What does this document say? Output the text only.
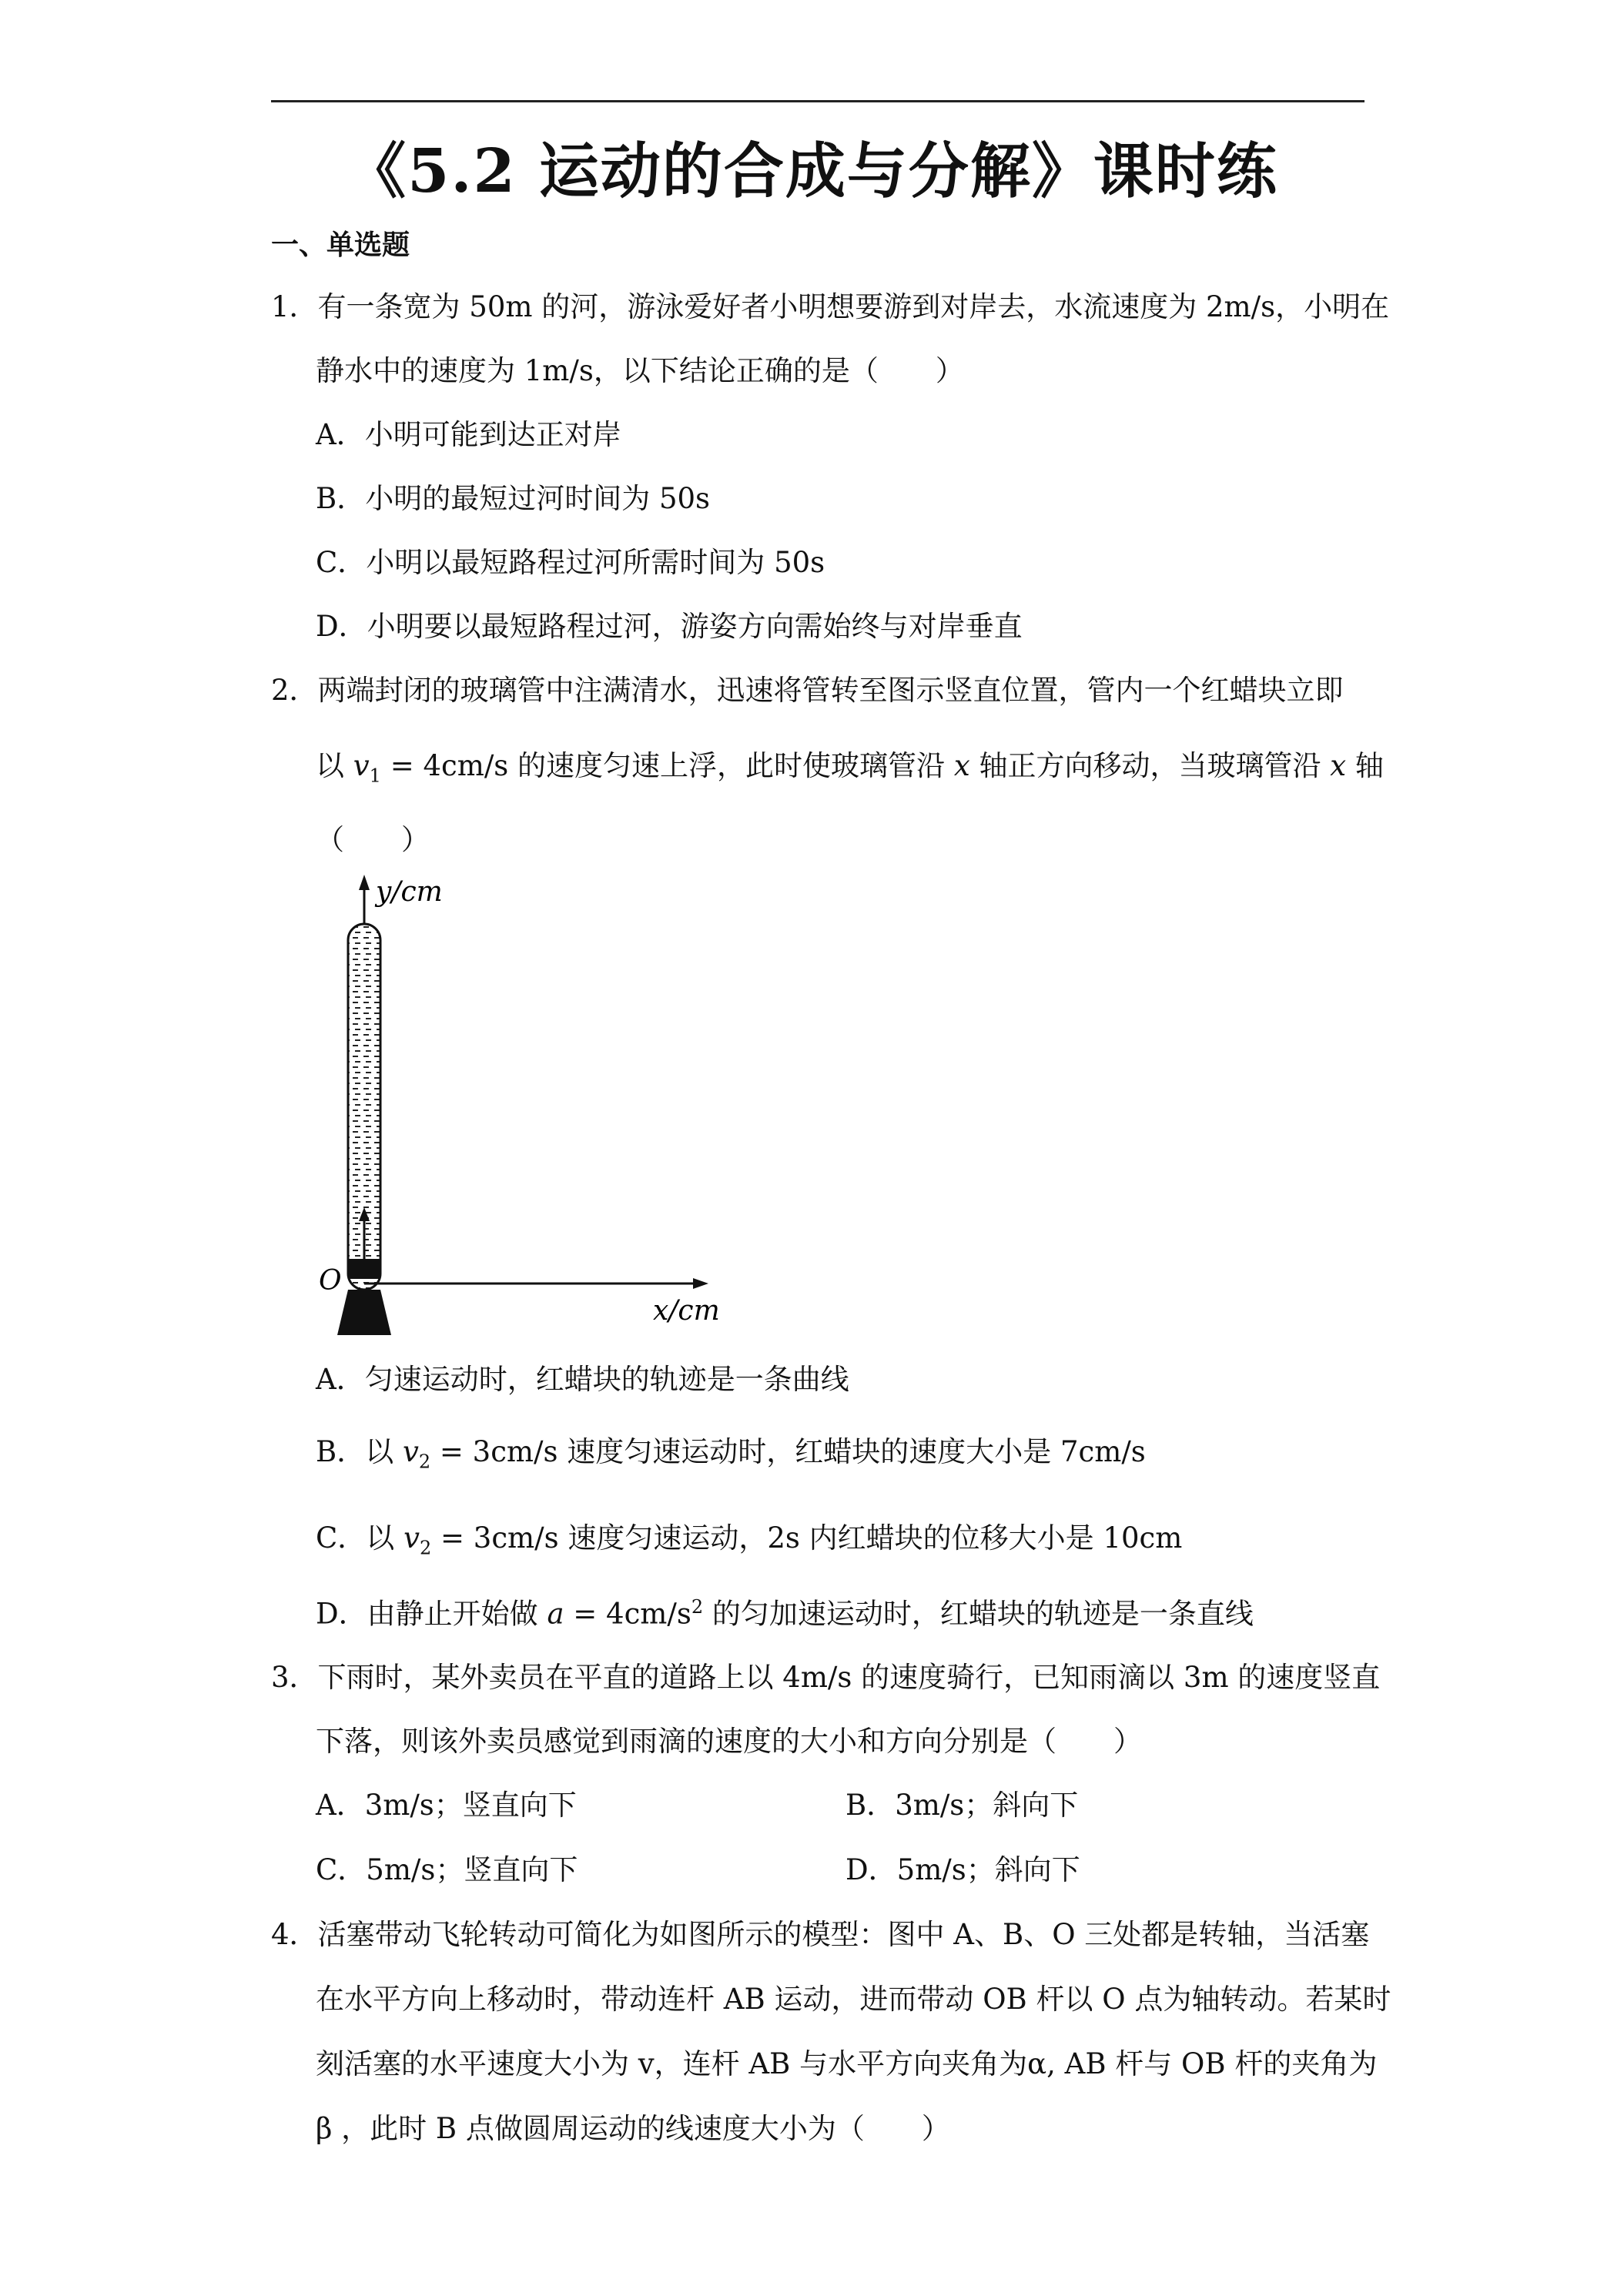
《5.2 运动的合成与分解》课时练
一、单选题
1．有一条宽为 50m 的河，游泳爱好者小明想要游到对岸去，水流速度为 2m/s，小明在
静水中的速度为 1m/s，以下结论正确的是（　　）
A．小明可能到达正对岸
B．小明的最短过河时间为 50s
C．小明以最短路程过河所需时间为 50s
D．小明要以最短路程过河，游姿方向需始终与对岸垂直
2．两端封闭的玻璃管中注满清水，迅速将管转至图示竖直位置，管内一个红蜡块立即
以 $v_1 = 4cm/s$ 的速度匀速上浮，此时使玻璃管沿 x 轴正方向移动，当玻璃管沿 x 轴
（　　）
y/cm
x/cm
O
A．匀速运动时，红蜡块的轨迹是一条曲线
B．以 $v_2 = 3cm/s$ 速度匀速运动时，红蜡块的速度大小是 7cm/s
C．以 $v_2 = 3cm/s$ 速度匀速运动，2s 内红蜡块的位移大小是 10cm
D．由静止开始做 $a = 4cm/s^2$ 的匀加速运动时，红蜡块的轨迹是一条直线
3．下雨时，某外卖员在平直的道路上以 4m/s 的速度骑行，已知雨滴以 3m 的速度竖直
下落，则该外卖员感觉到雨滴的速度的大小和方向分别是（　　）
A．3m/s；竖直向下	B．3m/s；斜向下
C．5m/s；竖直向下	D．5m/s；斜向下
4．活塞带动飞轮转动可简化为如图所示的模型：图中 A、B、O 三处都是转轴，当活塞
在水平方向上移动时，带动连杆 AB 运动，进而带动 OB 杆以 O 点为轴转动。若某时
刻活塞的水平速度大小为 v，连杆 AB 与水平方向夹角为α, AB 杆与 OB 杆的夹角为
β ，此时 B 点做圆周运动的线速度大小为（　　）
